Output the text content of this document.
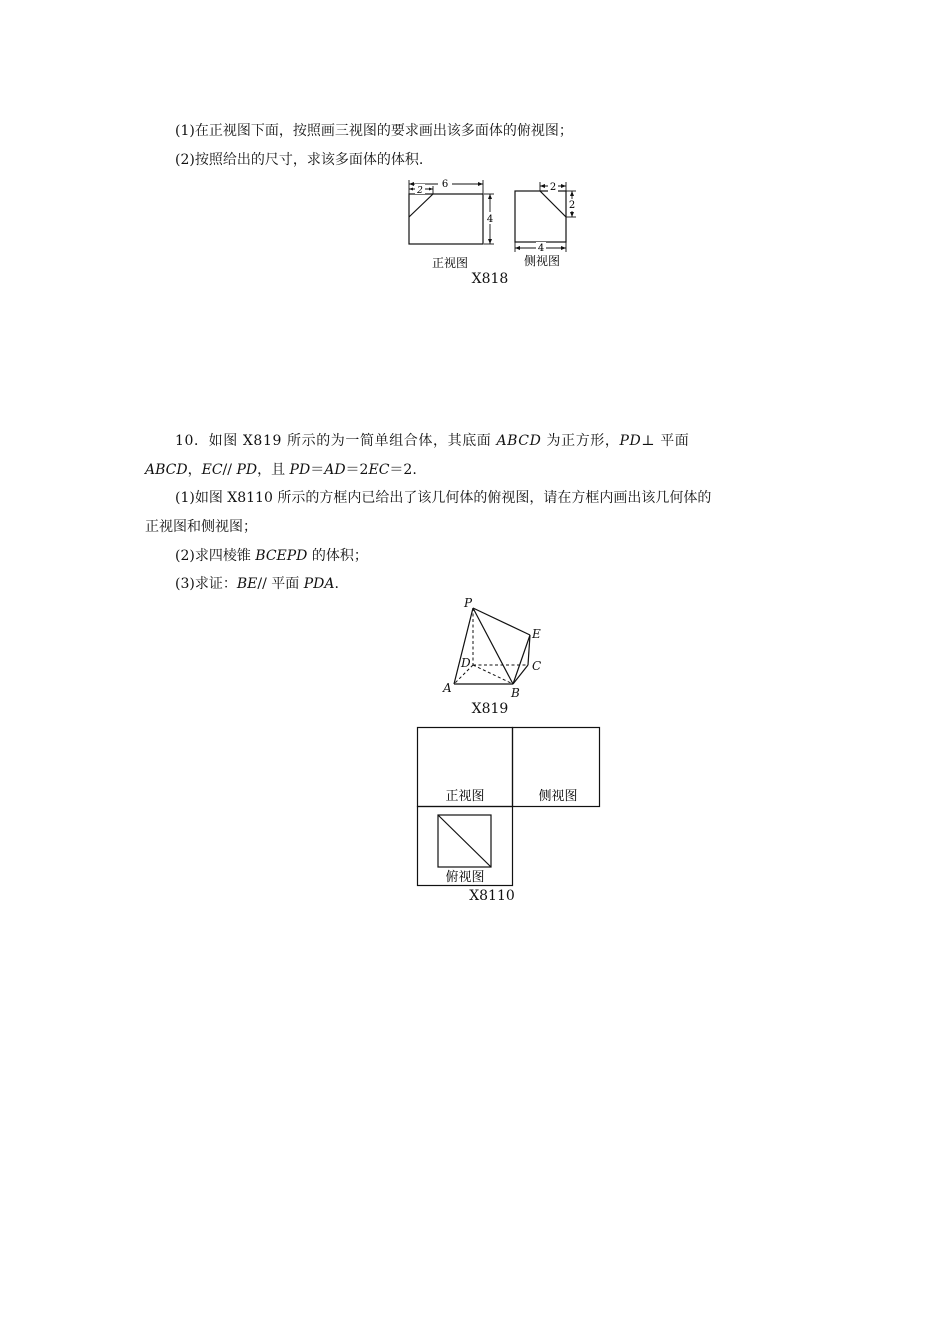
(1)在正视图下面，按照画三视图的要求画出该多面体的俯视图；
(2)按照给出的尺寸，求该多面体的体积.
6
2
4
2
2
4
正视图	侧视图
X818
10．如图 X819 所示的为一简单组合体，其底面 ABCD 为正方形，PD⊥ 平面
ABCD，EC// PD，且 PD＝AD＝2EC＝2.
(1)如图 X8110 所示的方框内已给出了该几何体的俯视图，请在方框内画出该几何体的
正视图和侧视图；
(2)求四棱锥 BCEPD 的体积；
(3)求证：BE// 平面 PDA.
P
E
D	C
A	B
X819
正视图	侧视图
俯视图
X8110
